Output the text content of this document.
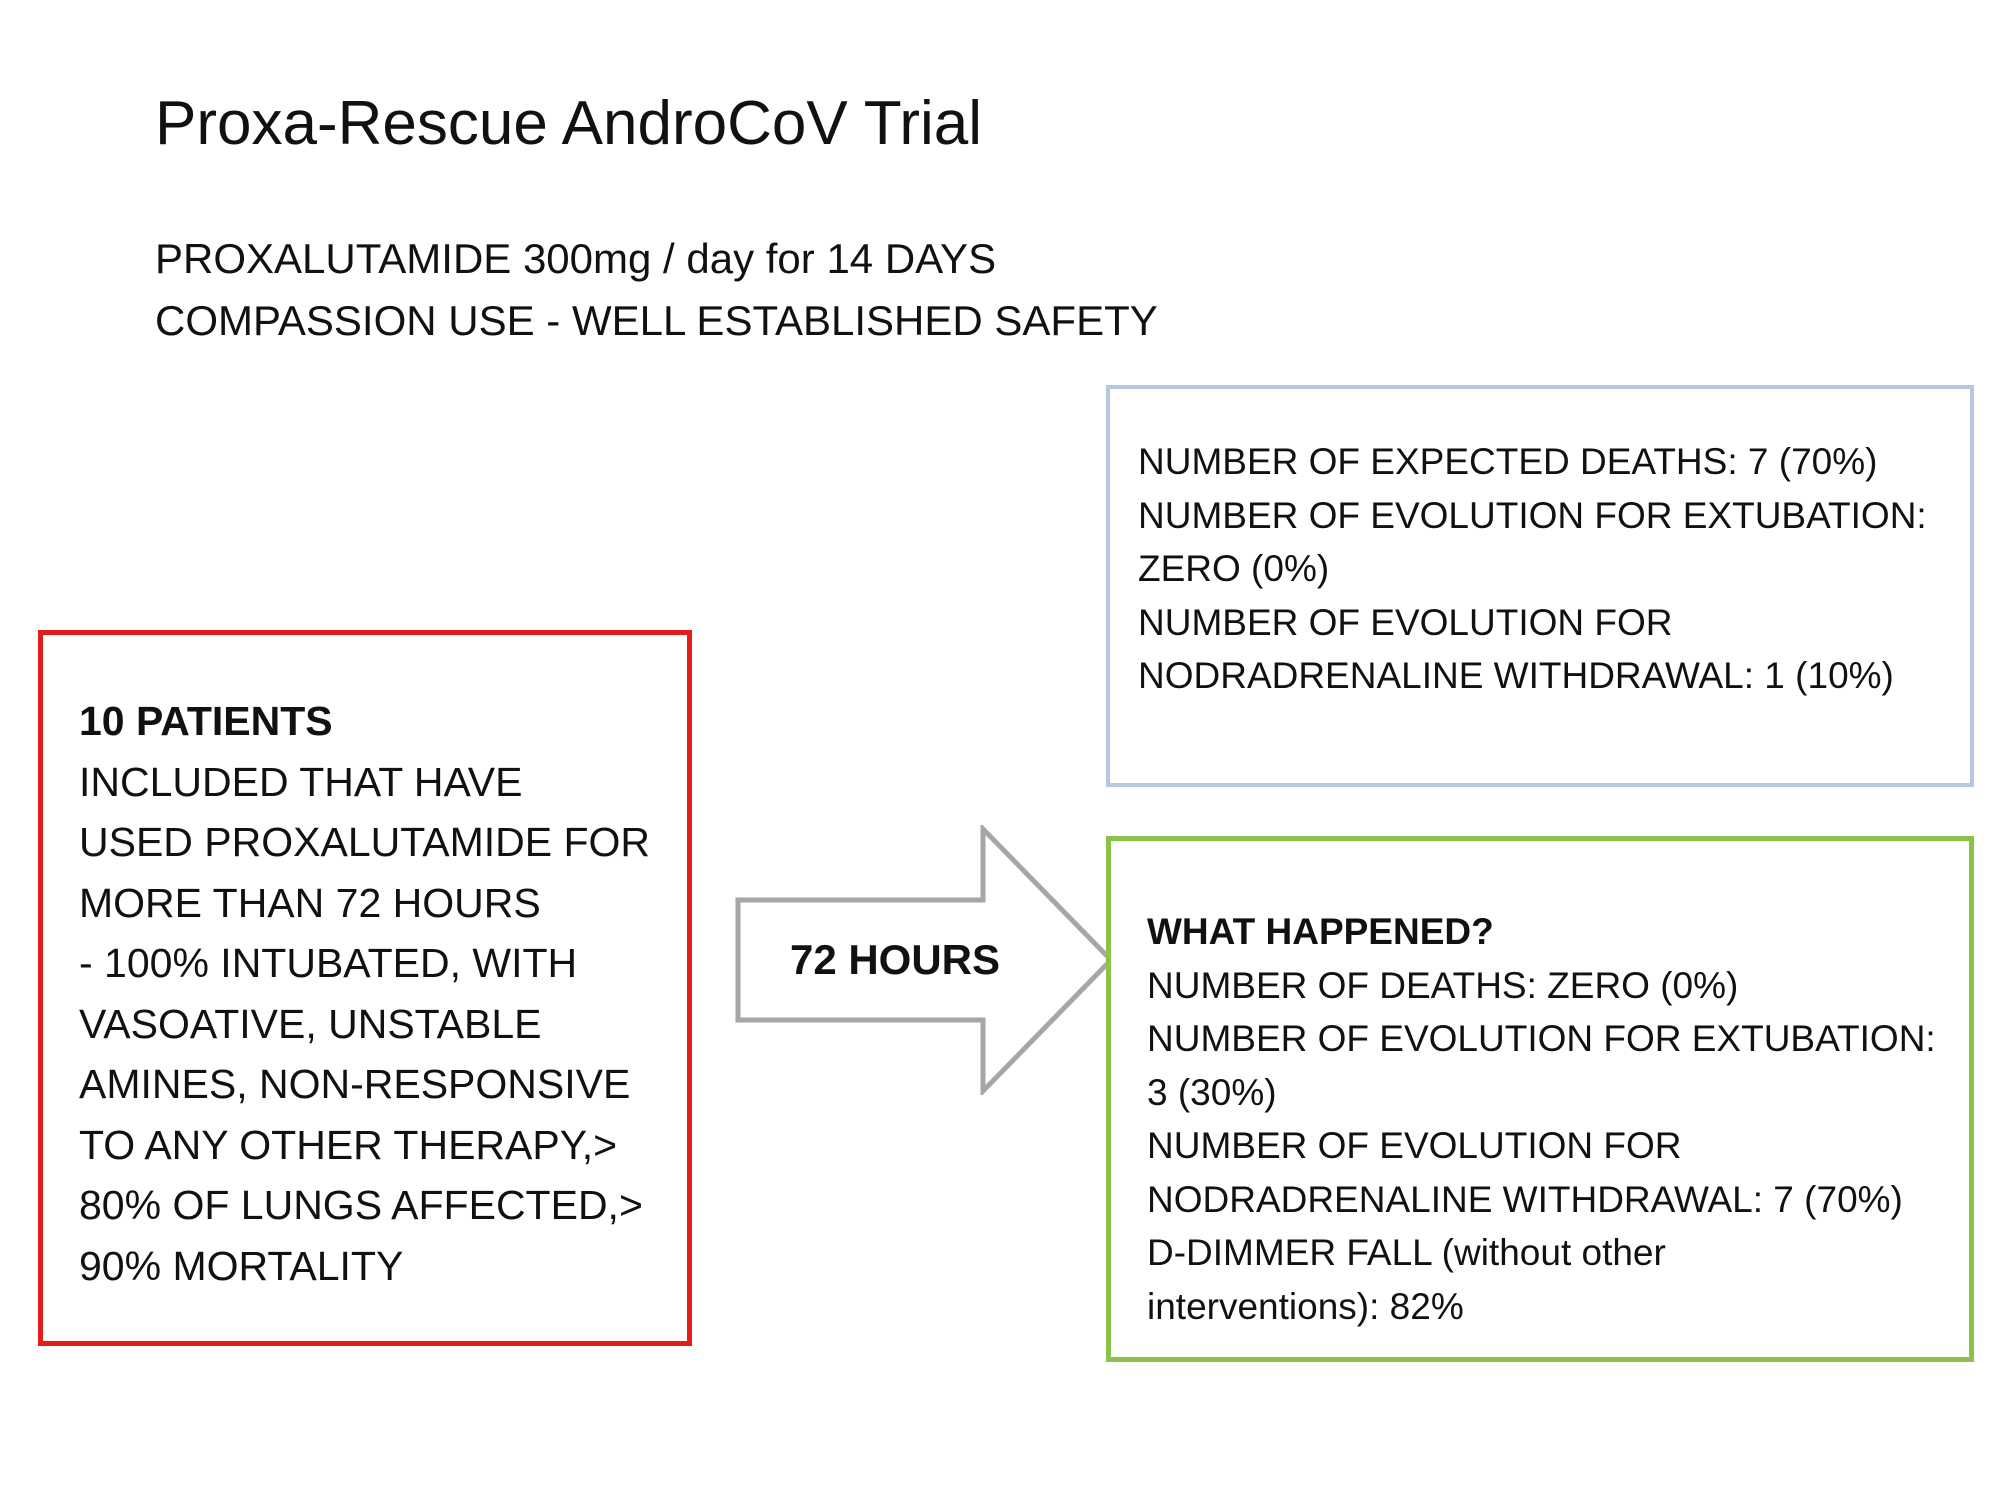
Proxa-Rescue AndroCoV Trial
PROXALUTAMIDE 300mg / day for 14 DAYS
COMPASSION USE - WELL ESTABLISHED SAFETY
10 PATIENTS
INCLUDED THAT HAVE
USED PROXALUTAMIDE FOR
MORE THAN 72 HOURS
- 100% INTUBATED, WITH
VASOATIVE, UNSTABLE
AMINES, NON-RESPONSIVE
TO ANY OTHER THERAPY,>
80% OF LUNGS AFFECTED,>
90% MORTALITY
72 HOURS
NUMBER OF EXPECTED DEATHS: 7 (70%)
NUMBER OF EVOLUTION FOR EXTUBATION:
ZERO (0%)
NUMBER OF EVOLUTION FOR
NODRADRENALINE WITHDRAWAL: 1 (10%)
WHAT HAPPENED?
NUMBER OF DEATHS: ZERO (0%)
NUMBER OF EVOLUTION FOR EXTUBATION:
3 (30%)
NUMBER OF EVOLUTION FOR
NODRADRENALINE WITHDRAWAL: 7 (70%)
D-DIMMER FALL (without other
interventions): 82%
